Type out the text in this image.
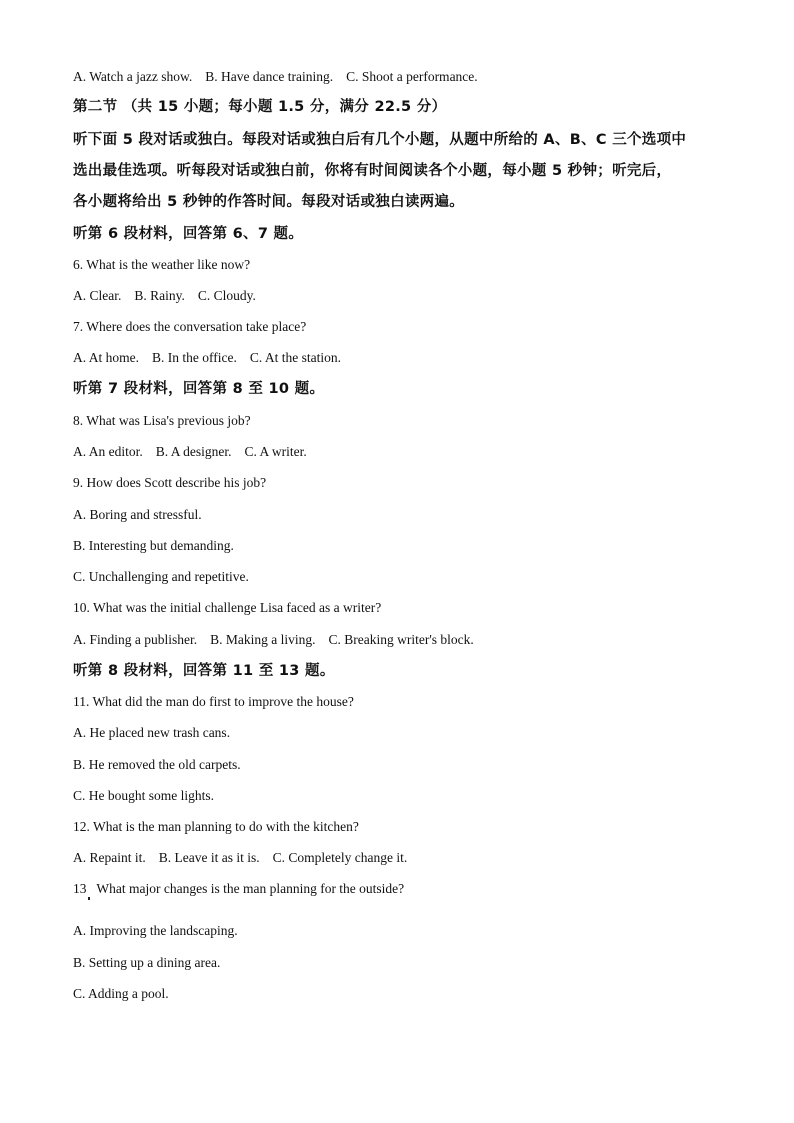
A. Watch a jazz show. B. Have dance training. C. Shoot a performance.
第二节 （共 15 小题；每小题 1.5 分，满分 22.5 分）
听下面 5 段对话或独白。每段对话或独白后有几个小题，从题中所给的 A、B、C 三个选项中
选出最佳选项。听每段对话或独白前，你将有时间阅读各个小题，每小题 5 秒钟；听完后，
各小题将给出 5 秒钟的作答时间。每段对话或独白读两遍。
听第 6 段材料，回答第 6、7 题。
6. What is the weather like now?
A. Clear. B. Rainy. C. Cloudy.
7. Where does the conversation take place?
A. At home. B. In the office. C. At the station.
听第 7 段材料，回答第 8 至 10 题。
8. What was Lisa's previous job?
A. An editor. B. A designer. C. A writer.
9. How does Scott describe his job?
A. Boring and stressful.
B. Interesting but demanding.
C. Unchallenging and repetitive.
10. What was the initial challenge Lisa faced as a writer?
A. Finding a publisher. B. Making a living. C. Breaking writer's block.
听第 8 段材料，回答第 11 至 13 题。
11. What did the man do first to improve the house?
A. He placed new trash cans.
B. He removed the old carpets.
C. He bought some lights.
12. What is the man planning to do with the kitchen?
A. Repaint it. B. Leave it as it is. C. Completely change it.
13   What major changes is the man planning for the outside?
A. Improving the landscaping.
B. Setting up a dining area.
C. Adding a pool.
